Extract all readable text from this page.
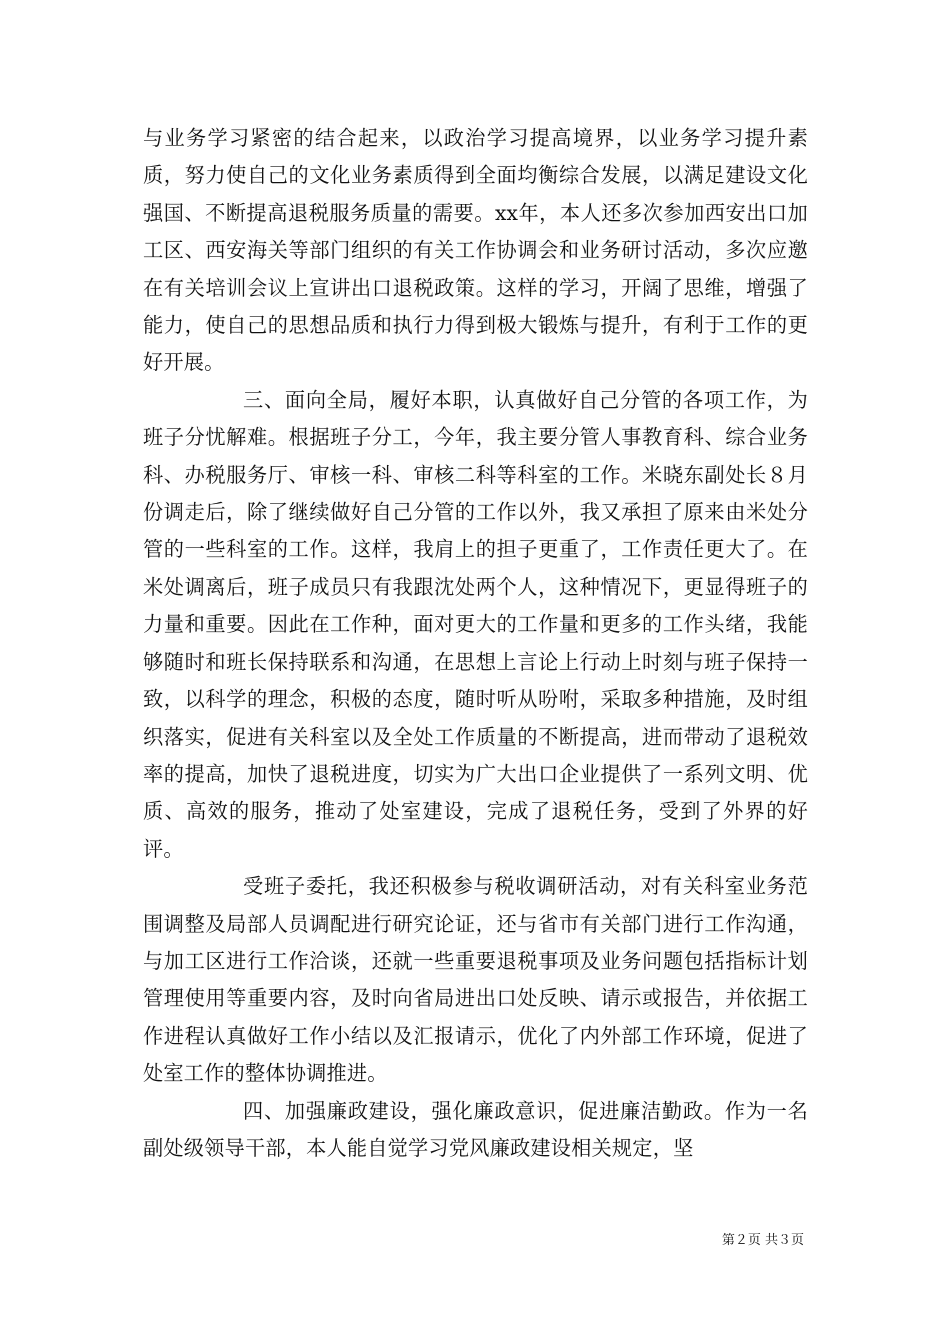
与业务学习紧密的结合起来，以政治学习提高境界，以业务学习提升素质，努力使自己的文化业务素质得到全面均衡综合发展，以满足建设文化强国、不断提高退税服务质量的需要。xx年，本人还多次参加西安出口加工区、西安海关等部门组织的有关工作协调会和业务研讨活动，多次应邀在有关培训会议上宣讲出口退税政策。这样的学习，开阔了思维，增强了能力，使自己的思想品质和执行力得到极大锻炼与提升，有利于工作的更好开展。

三、面向全局，履好本职，认真做好自己分管的各项工作，为班子分忧解难。根据班子分工，今年，我主要分管人事教育科、综合业务科、办税服务厅、审核一科、审核二科等科室的工作。米晓东副处长８月份调走后，除了继续做好自己分管的工作以外，我又承担了原来由米处分管的一些科室的工作。这样，我肩上的担子更重了，工作责任更大了。在米处调离后，班子成员只有我跟沈处两个人，这种情况下，更显得班子的力量和重要。因此在工作种，面对更大的工作量和更多的工作头绪，我能够随时和班长保持联系和沟通，在思想上言论上行动上时刻与班子保持一致，以科学的理念，积极的态度，随时听从吩咐，采取多种措施，及时组织落实，促进有关科室以及全处工作质量的不断提高，进而带动了退税效率的提高，加快了退税进度，切实为广大出口企业提供了一系列文明、优质、高效的服务，推动了处室建设，完成了退税任务，受到了外界的好评。

受班子委托，我还积极参与税收调研活动，对有关科室业务范围调整及局部人员调配进行研究论证，还与省市有关部门进行工作沟通，与加工区进行工作洽谈，还就一些重要退税事项及业务问题包括指标计划管理使用等重要内容，及时向省局进出口处反映、请示或报告，并依据工作进程认真做好工作小结以及汇报请示，优化了内外部工作环境，促进了处室工作的整体协调推进。

四、加强廉政建设，强化廉政意识，促进廉洁勤政。作为一名副处级领导干部，本人能自觉学习党风廉政建设相关规定，坚

第２页 共３页
